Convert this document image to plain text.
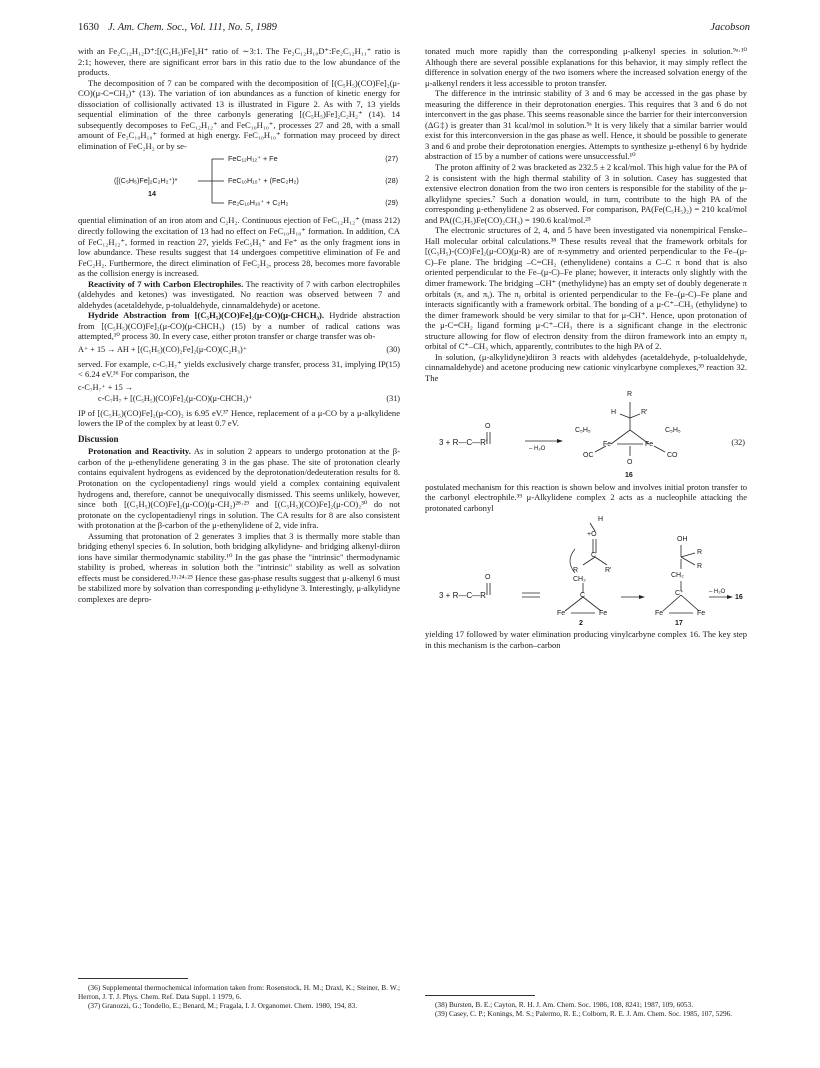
1630 J. Am. Chem. Soc., Vol. 111, No. 5, 1989	Jacobson

with an Fe₂C₁₂H₁₂D⁺:[(C₅H₅)Fe]₂H⁺ ratio of ∼3:1. The Fe₂C₁₂H₁₀D⁺:Fe₂C₁₂H₁₁⁺ ratio is 2:1; however, there are significant error bars in this ratio due to the low abundance of the products.

The decomposition of 7 can be compared with the decomposition of [(C₅H₅)(CO)Fe]₂(μ-CO)(μ-C=CH₂)⁺ (13). The variation of ion abundances as a function of kinetic energy for dissociation of collisionally activated 13 is illustrated in Figure 2. As with 7, 13 yields sequential elimination of the three carbonyls generating [(C₅H₅)Fe]₂C₂H₂⁺ (14). 14 subsequently decomposes to FeC₁₂H₁₂⁺ and FeC₁₀H₁₀⁺, processes 27 and 28, with a small amount of Fe₂C₁₀H₁₀⁺ formed at high energy. FeC₁₀H₁₀⁺ formation may proceed by direct elimination of FeC₂H₂ or by se-

([(C₅H₅)Fe]₂C₂H₂⁺)*
14
FeC₁₂H₁₂⁺ + Fe
FeC₁₀H₁₀⁺ + (FeC₂H₂)
Fe₂C₁₀H₁₀⁺ + C₂H₂
(27)
(28)
(29)

quential elimination of an iron atom and C₂H₂. Continuous ejection of FeC₁₂H₁₂⁺ (mass 212) directly following the excitation of 13 had no effect on FeC₁₀H₁₀⁺ formation. In addition, CA of FeC₁₂H₁₂⁺, formed in reaction 27, yields FeC₅H₅⁺ and Fe⁺ as the only fragment ions in low abundance. These results suggest that 14 undergoes competitive elimination of Fe and FeC₂H₂. Furthermore, the direct elimination of FeC₂H₂, process 28, becomes more favorable as the collision energy is increased.

Reactivity of 7 with Carbon Electrophiles. The reactivity of 7 with carbon electrophiles (aldehydes and ketones) was investigated. No reaction was observed between 7 and aldehydes (acetaldehyde, p-tolualdehyde, cinnamaldehyde) or acetone.

Hydride Abstraction from [(C₅H₅)(CO)Fe]₂(μ-CO)(μ-CHCH₃). Hydride abstraction from [(C₅H₅)(CO)Fe]₂(μ-CO)(μ-CHCH₃) (15) by a number of radical cations was attempted,¹⁰ process 30. In every case, either proton transfer or charge transfer was ob-

A⁺ + 15 → AH + [(C₅H₅)(CO)₂Fe]₂(μ-CO)(C₂H₃)⁺	(30)

served. For example, c-C₇H₇⁺ yields exclusively charge transfer, process 31, implying IP(15) < 6.24 eV.³⁶ For comparison, the

c-C₇H₇⁺ + 15 →
c-C₇H₇ + [(C₅H₅)(CO)Fe]₂(μ-CO)(μ-CHCH₃)⁺	(31)

IP of [(C₅H₅)(CO)Fe]₂(μ-CO)₂ is 6.95 eV.³⁷ Hence, replacement of a μ-CO by a μ-alkylidene lowers the IP of the complex by at least 0.7 eV.

Discussion

Protonation and Reactivity. As in solution 2 appears to undergo protonation at the β-carbon of the μ-ethenylidene generating 3 in the gas phase. The site of protonation clearly contains equivalent hydrogens as evidenced by the deprotonation/dedeuteration results for 8. Protonation on the cyclopentadienyl rings would yield a complex containing equivalent hydrogens and, therefore, cannot be unequivocally dismissed. This seems unlikely, however, since both [(C₅H₅)(CO)Fe]₂(μ-CO)(μ-CH₂)²⁸·²⁹ and [(C₅H₅)(CO)Fe]₂(μ-CO)₂³⁰ do not protonate on the cyclopentadienyl rings in solution. The CA results for 8 are also consistent with protonation at the β-carbon of the μ-ethenylidene of 2, vide infra.

Assuming that protonation of 2 generates 3 implies that 3 is thermally more stable than bridging ethenyl species 6. In solution, both bridging alkylidyne- and bridging alkenyl-diiron ions have similar thermodynamic stability.¹⁰ In the gas phase the "intrinsic" thermodynamic stability is probed, whereas in solution both the "intrinsic" stability as well as solvation effects must be considered.¹³·²⁴·²⁵ Hence these gas-phase results suggest that μ-alkenyl 6 must be stabilized more by solvation than corresponding μ-ethylidyne 3. Interestingly, μ-alkylidyne complexes are depro-

tonated much more rapidly than the corresponding μ-alkenyl species in solution.⁹ᵃ·¹⁰ Although there are several possible explanations for this behavior, it may simply reflect the difference in solvation energy of the two isomers where the increased solvation energy of the μ-alkenyl renders it less accessible to proton transfer.

The difference in the intrinsic stability of 3 and 6 may be accessed in the gas phase by measuring the difference in their deprotonation energies. This requires that 3 and 6 do not interconvert in the gas phase. This seems reasonable since the barrier for their interconversion (ΔG‡) is greater than 31 kcal/mol in solution.⁹ᵃ It is very likely that a similar barrier would exist for this interconversion in the gas phase as well. Hence, it should be possible to generate 3 and 6 and probe their deprotonation energies. Attempts to synthesize μ-ethenyl 6 by hydride abstraction of 15 by a number of cations were unsuccessful.¹⁰

The proton affinity of 2 was bracketed as 232.5 ± 2 kcal/mol. This high value for the PA of 2 is consistent with the high thermal stability of 3 in solution. Casey has suggested that extensive electron donation from the two iron centers is responsible for the stability of the μ-alkylidyne species.⁷ Such a donation would, in turn, contribute to the high PA of the corresponding μ-ethenylidene 2 as observed. For comparison, PA(Fe(C₅H₅)₂) = 210 kcal/mol and PA((C₅H₅)Fe(CO)₂CH₃) = 190.6 kcal/mol.²⁵

The electronic structures of 2, 4, and 5 have been investigated via nonempirical Fenske–Hall molecular orbital calculations.³⁸ These results reveal that the framework orbitals for [(C₅H₅)-(CO)Fe]₂(μ-CO)(μ-R) are of π-symmetry and oriented perpendicular to the Fe–(μ-C)–Fe plane. The bridging –C=CH₂ (ethenylidene) contains a C–C π bond that is also oriented perpendicular to the Fe–(μ-C)–Fe plane; however, it interacts only slightly with the dimer framework. The bridging –CH⁺ (methylidyne) has an empty set of doubly degenerate π orbitals (πₓ and πᵧ). The πᵧ orbital is oriented perpendicular to the Fe–(μ-C)–Fe plane and interacts significantly with a framework orbital. The bonding of a μ-C⁺–CH₃ (ethylidyne) to the dimer framework should be very similar to that for μ-CH⁺. Hence, upon protonation of the μ-C=CH₂ ligand forming μ-C⁺–CH₃ there is a significant change in the electronic structure allowing for flow of electron density from the diiron framework into an empty πᵧ orbital of C⁺–CH₃ which, apparently, contributes to the high PA of 2.

In solution, (μ-alkylidyne)diiron 3 reacts with aldehydes (acetaldehyde, p-tolualdehyde, cinnamaldehyde) and acetone producing new cationic vinylcarbyne complexes,³⁹ reaction 32. The

O
3 + R—C—R′
– H₂O
R
H	R′
C₅H₅	C₅H₅
Fe	Fe
OC	CO
O
16
(32)

postulated mechanism for this reaction is shown below and involves initial proton transfer to the carbonyl electrophile.³⁹ μ-Alkylidene complex 2 acts as a nucleophile attacking the protonated carbonyl

O
3 + R—C—R
H
+O
C
R	R′
CH₂
C
Fe	Fe
2
OH
R
R
CH₂
C⁺
Fe	Fe
17
– H₂O
16

yielding 17 followed by water elimination producing vinylcarbyne complex 16. The key step in this mechanism is the carbon–carbon

(36) Supplemental thermochemical information taken from: Rosenstock, H. M.; Draxl, K.; Steiner, B. W.; Herron, J. T. J. Phys. Chem. Ref. Data Suppl. 1 1979, 6.

(37) Granozzi, G.; Tondello, E.; Benard, M.; Fragala, I. J. Organomet. Chem. 1980, 194, 83.	(38) Bursten, B. E.; Cayton, R. H. J. Am. Chem. Soc. 1986, 108, 8241; 1987, 109, 6053.

(39) Casey, C. P.; Konings, M. S.; Palermo, R. E.; Colborn, R. E. J. Am. Chem. Soc. 1985, 107, 5296.
